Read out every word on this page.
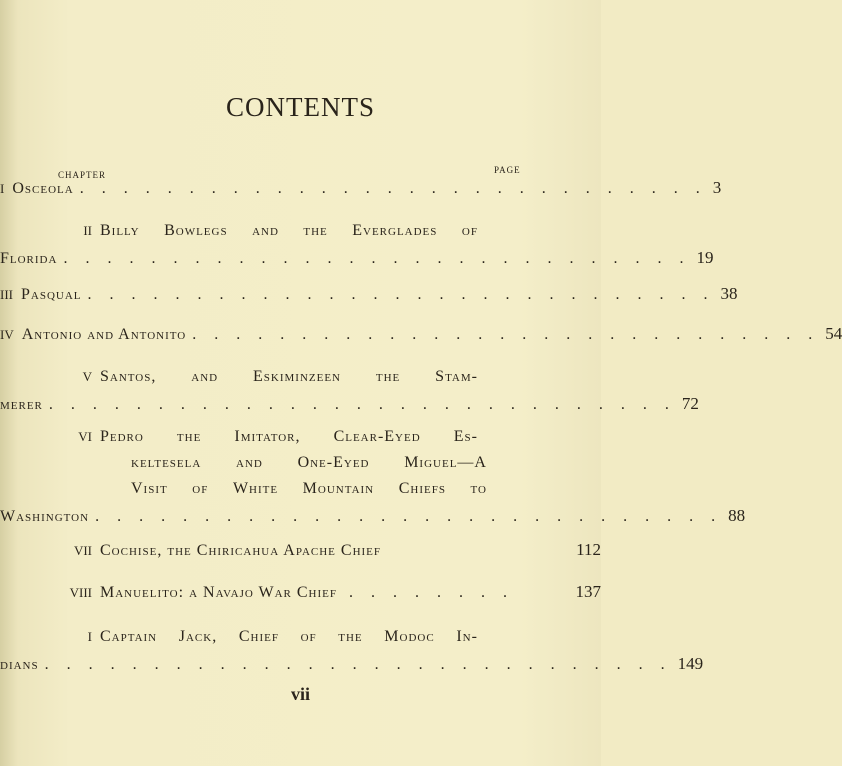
CONTENTS
CHAPTER	PAGE
I Osceola . . . . . . . . . . . . . . . . . . . . . . . . . . . . . 3
II Billy Bowlegs and the Everglades of
Florida . . . . . . . . . . . . . . . . . . . . . . . . . . . . . 19
III Pasqual . . . . . . . . . . . . . . . . . . . . . . . . . . . . . 38
IV Antonio and Antonito . . . . . . . . . . . . . . . . . . . . . . . . . . . . . 54
V Santos, and Eskiminzeen the Stam-
merer . . . . . . . . . . . . . . . . . . . . . . . . . . . . . 72
VI Pedro the Imitator, Clear-Eyed Es-
keltesela and One-Eyed Miguel—A
Visit of White Mountain Chiefs to
Washington . . . . . . . . . . . . . . . . . . . . . . . . . . . . . 88
VII Cochise, the Chiricahua Apache Chief	112
VIII Manuelito: a Navajo War Chief . . . . . . . .	137
I Captain Jack, Chief of the Modoc In-
dians . . . . . . . . . . . . . . . . . . . . . . . . . . . . . 149
vii
